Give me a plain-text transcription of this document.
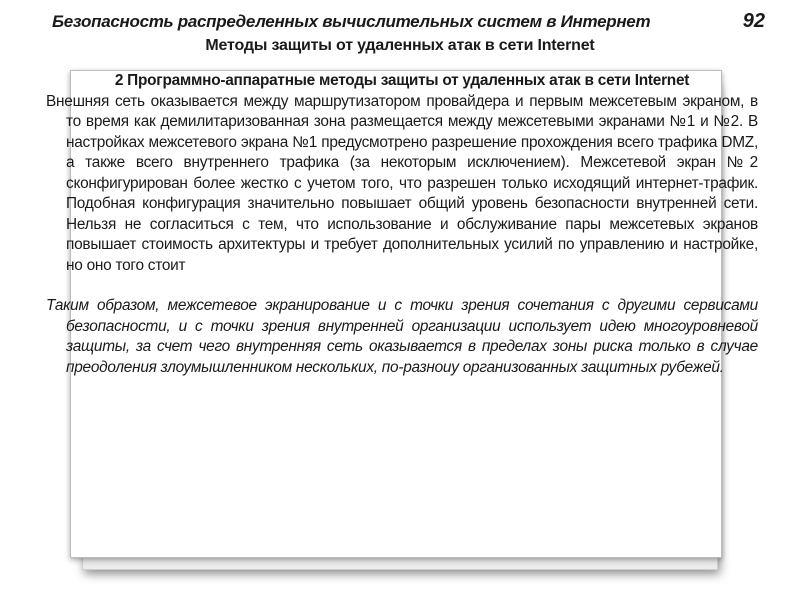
Безопасность распределенных вычислительных систем в Интернет	92
Методы защиты от удаленных атак в сети Internet
2 Программно-аппаратные методы защиты от удаленных атак в сети Internet

Внешняя сеть оказывается между маршрутизатором провайдера и первым межсетевым экраном, в то время как демилитаризованная зона размещается между межсетевыми экранами №1 и №2. В настройках межсетевого экрана №1 предусмотрено разрешение прохождения всего трафика DMZ, а также всего внутреннего трафика (за некоторым исключением). Межсетевой экран №2 сконфигурирован более жестко с учетом того, что разрешен только исходящий интернет-трафик. Подобная конфигурация значительно повышает общий уровень безопасности внутренней сети. Нельзя не согласиться с тем, что использование и обслуживание пары межсетевых экранов повышает стоимость архитектуры и требует дополнительных усилий по управлению и настройке, но оно того стоит

Таким образом, межсетевое экранирование и с точки зрения сочетания с другими сервисами безопасности, и с точки зрения внутренней организации использует идею многоуровневой защиты, за счет чего внутренняя сеть оказывается в пределах зоны риска только в случае преодоления злоумышленником нескольких, по-разноиу организованных защитных рубежей.
